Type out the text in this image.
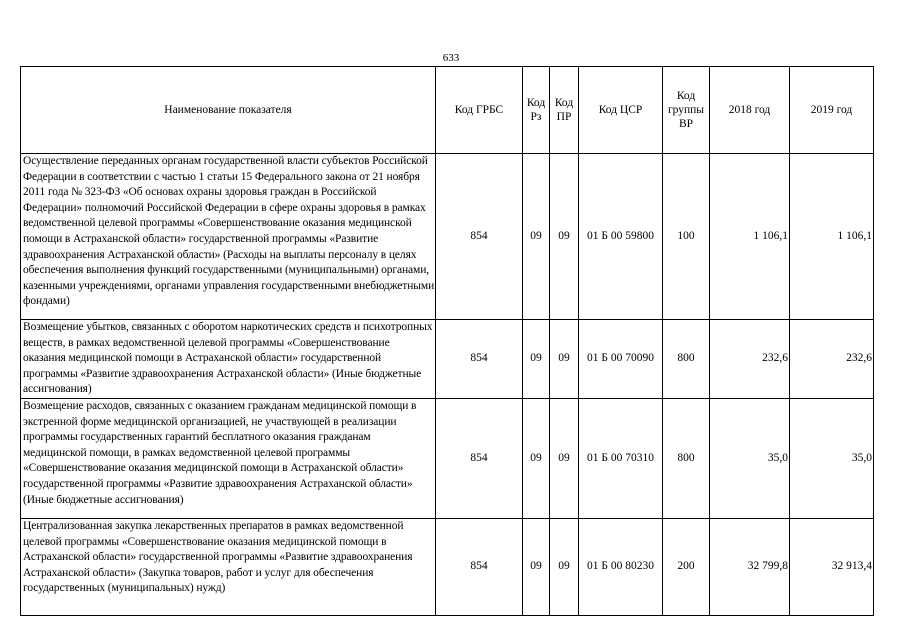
633
Наименование показателя	Код ГРБС	Код Рз	Код ПР	Код ЦСР	Код группы ВР	2018 год	2019 год
Осуществление переданных органам государственной власти субъектов Российской Федерации в соответствии с частью 1 статьи 15 Федерального закона от 21 ноября 2011 года № 323-ФЗ «Об основах охраны здоровья граждан в Российской Федерации» полномочий Российской Федерации в сфере охраны здоровья в рамках ведомственной целевой программы «Совершенствование оказания медицинской помощи в Астраханской области» государственной программы «Развитие здравоохранения Астраханской области» (Расходы на выплаты персоналу в целях обеспечения выполнения функций государственными (муниципальными) органами, казенными учреждениями, органами управления государственными внебюджетными фондами)	854	09	09	01 Б 00 59800	100	1 106,1	1 106,1
Возмещение убытков, связанных с оборотом наркотических средств и психотропных веществ, в рамках ведомственной целевой программы «Совершенствование оказания медицинской помощи в Астраханской области» государственной программы «Развитие здравоохранения Астраханской области» (Иные бюджетные ассигнования)	854	09	09	01 Б 00 70090	800	232,6	232,6
Возмещение расходов, связанных с оказанием гражданам медицинской помощи в экстренной форме медицинской организацией, не участвующей в реализации программы государственных гарантий бесплатного оказания гражданам медицинской помощи, в рамках ведомственной целевой программы «Совершенствование оказания медицинской помощи в Астраханской области» государственной программы «Развитие здравоохранения Астраханской области» (Иные бюджетные ассигнования)	854	09	09	01 Б 00 70310	800	35,0	35,0
Централизованная закупка лекарственных препаратов в рамках ведомственной целевой программы «Совершенствование оказания медицинской помощи в Астраханской области» государственной программы «Развитие здравоохранения Астраханской области» (Закупка товаров, работ и услуг для обеспечения государственных (муниципальных) нужд)	854	09	09	01 Б 00 80230	200	32 799,8	32 913,4
